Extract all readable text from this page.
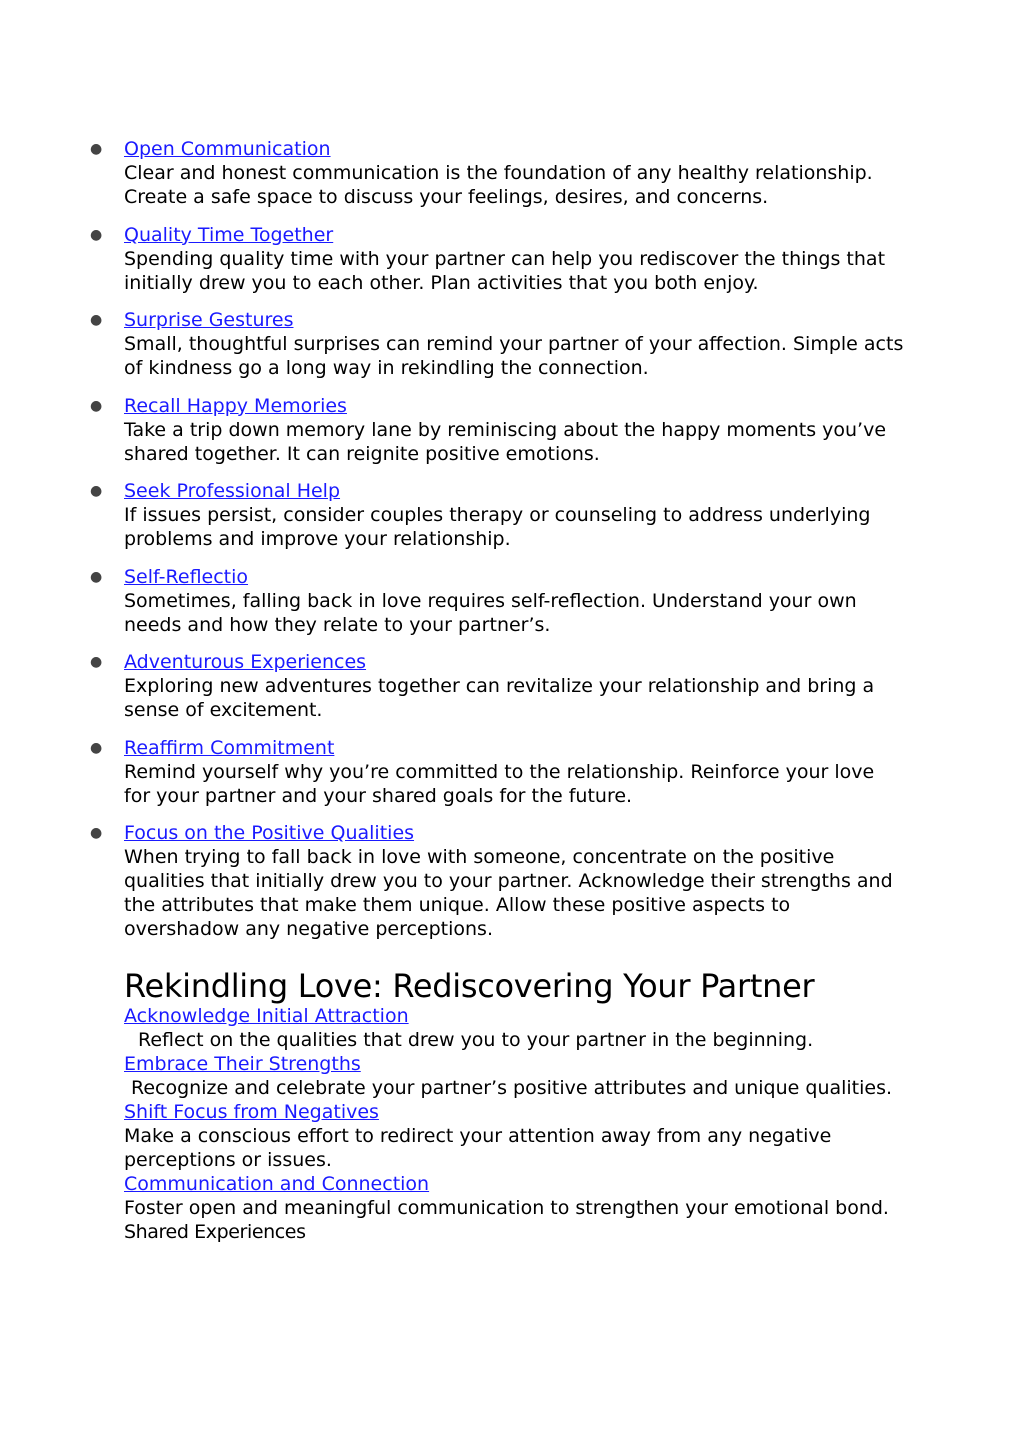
● Open Communication
Clear and honest communication is the foundation of any healthy relationship. Create a safe space to discuss your feelings, desires, and concerns.
● Quality Time Together
Spending quality time with your partner can help you rediscover the things that initially drew you to each other. Plan activities that you both enjoy.
● Surprise Gestures
Small, thoughtful surprises can remind your partner of your affection. Simple acts of kindness go a long way in rekindling the connection.
● Recall Happy Memories
Take a trip down memory lane by reminiscing about the happy moments you’ve shared together. It can reignite positive emotions.
● Seek Professional Help
If issues persist, consider couples therapy or counseling to address underlying problems and improve your relationship.
● Self-Reflectio
Sometimes, falling back in love requires self-reflection. Understand your own needs and how they relate to your partner’s.
● Adventurous Experiences
Exploring new adventures together can revitalize your relationship and bring a sense of excitement.
● Reaffirm Commitment
Remind yourself why you’re committed to the relationship. Reinforce your love for your partner and your shared goals for the future.
● Focus on the Positive Qualities
When trying to fall back in love with someone, concentrate on the positive qualities that initially drew you to your partner. Acknowledge their strengths and the attributes that make them unique. Allow these positive aspects to overshadow any negative perceptions.
Rekindling Love: Rediscovering Your Partner
Acknowledge Initial Attraction

Reflect on the qualities that drew you to your partner in the beginning.
Embrace Their Strengths

Recognize and celebrate your partner’s positive attributes and unique qualities.
Shift Focus from Negatives

Make a conscious effort to redirect your attention away from any negative perceptions or issues.
Communication and Connection

Foster open and meaningful communication to strengthen your emotional bond.
Shared Experiences
